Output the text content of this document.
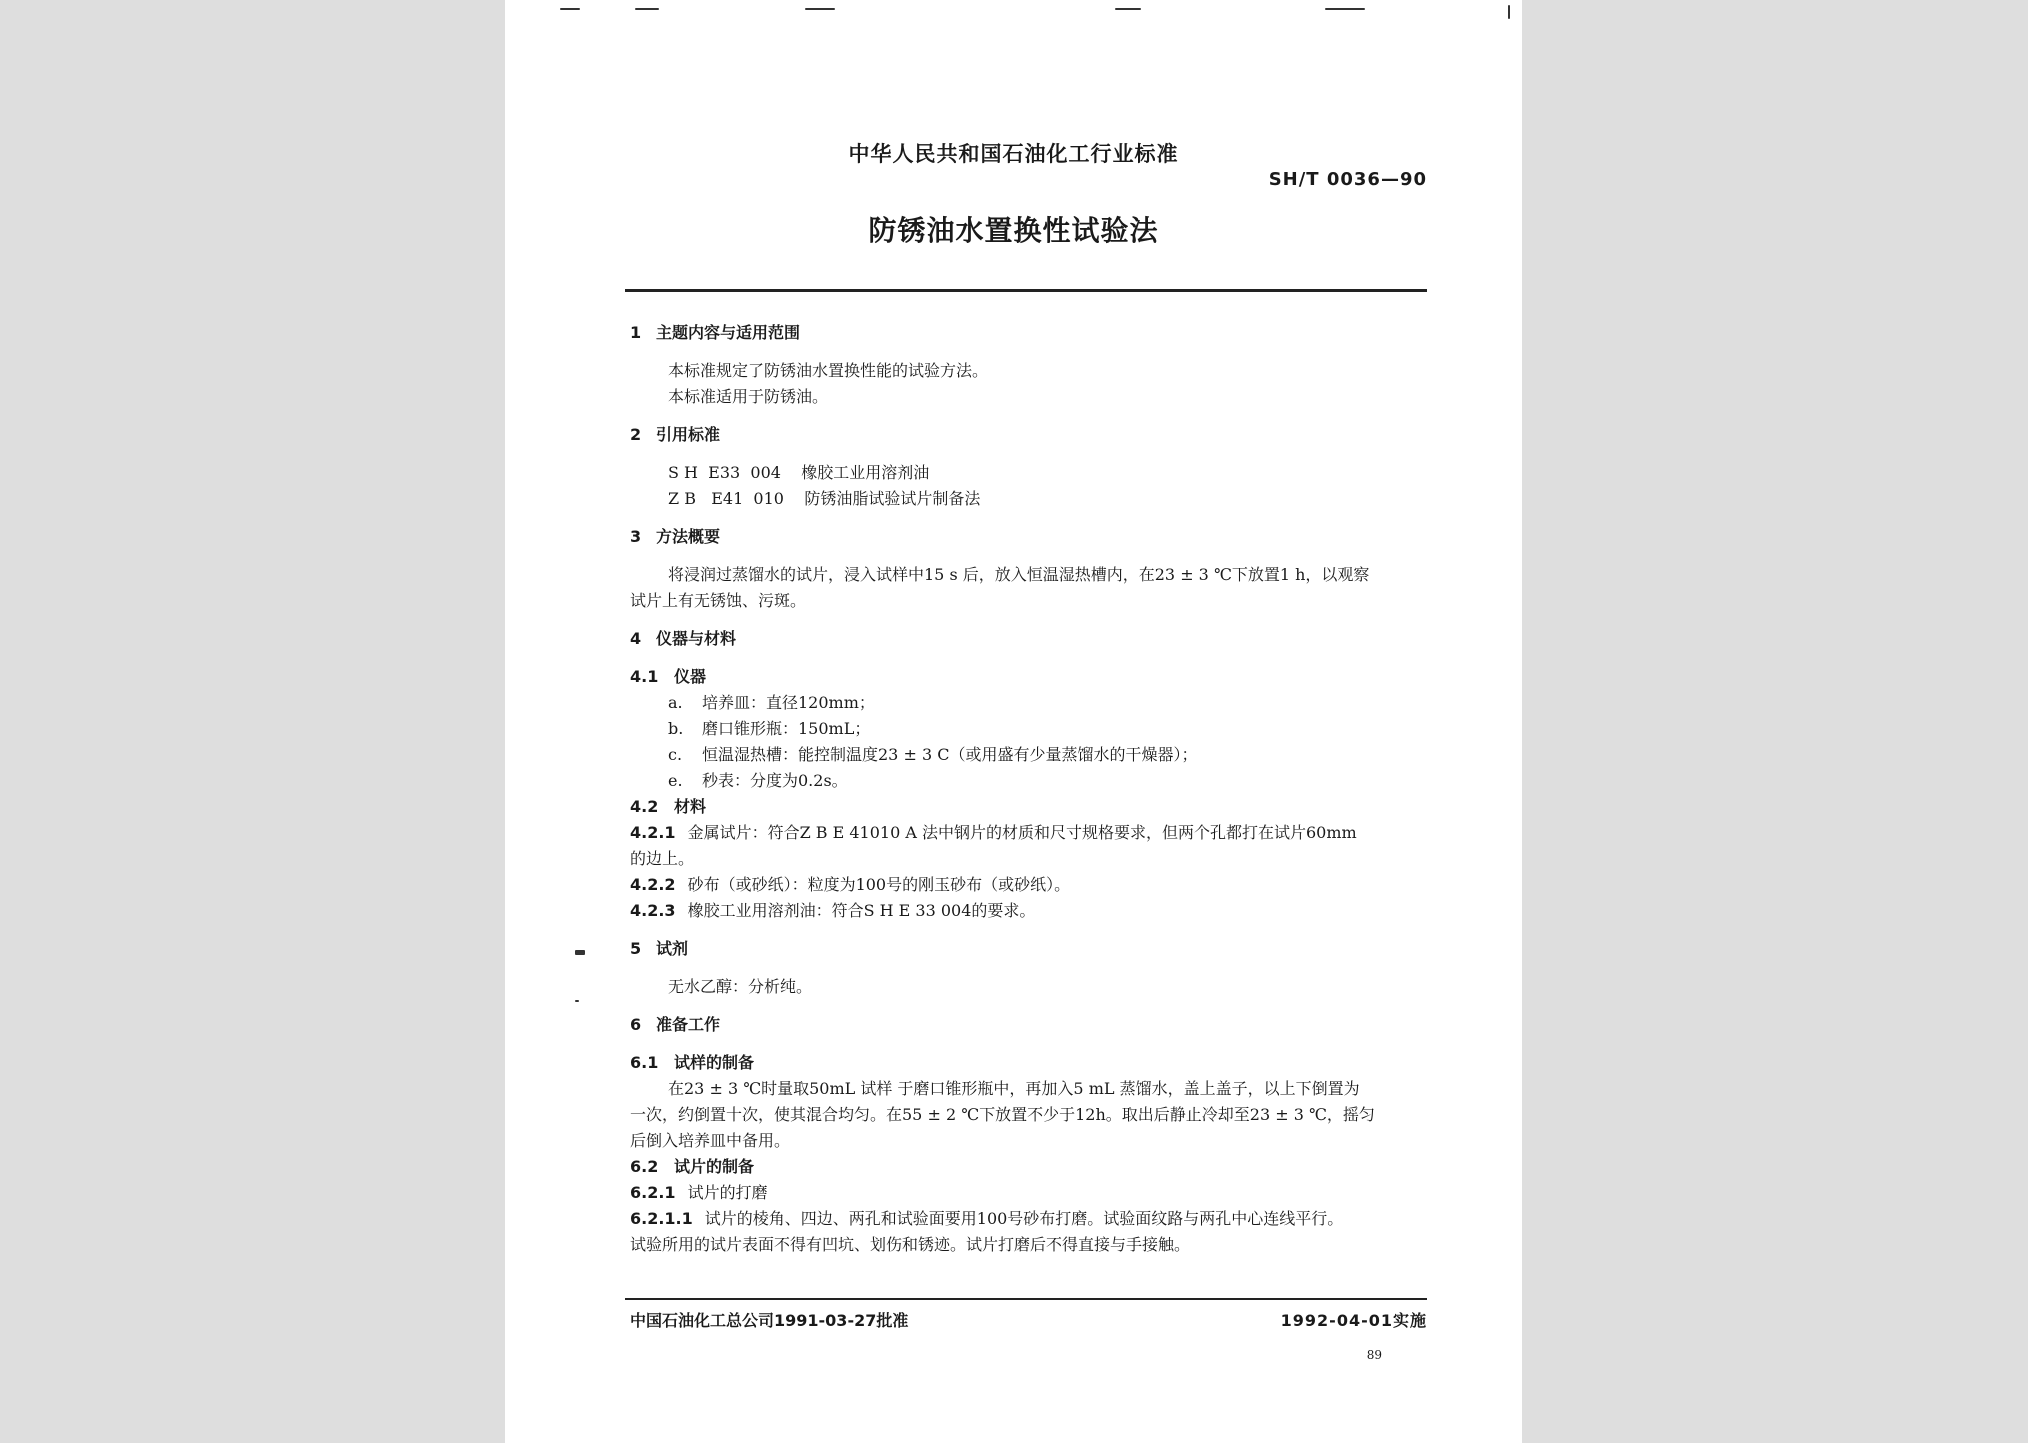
中华人民共和国石油化工行业标准
SH/T 0036—90
防锈油水置换性试验法
1 主题内容与适用范围
本标准规定了防锈油水置换性能的试验方法。
本标准适用于防锈油。
2 引用标准
S H  E33  004    橡胶工业用溶剂油
Z B   E41  010    防锈油脂试验试片制备法
3 方法概要
将浸润过蒸馏水的试片，浸入试样中15 s 后，放入恒温湿热槽内，在23 ± 3 ℃下放置1 h，以观察
试片上有无锈蚀、污斑。
4 仪器与材料
4.1 仪器
a. 培养皿：直径120mm；
b. 磨口锥形瓶：150mL；
c. 恒温湿热槽：能控制温度23 ± 3 C（或用盛有少量蒸馏水的干燥器）；
e. 秒表：分度为0.2s。
4.2 材料
4.2.1 金属试片：符合Z B E 41010 A 法中钢片的材质和尺寸规格要求，但两个孔都打在试片60mm
的边上。
4.2.2 砂布（或砂纸）：粒度为100号的刚玉砂布（或砂纸）。
4.2.3 橡胶工业用溶剂油：符合S H E 33 004的要求。
5 试剂
无水乙醇：分析纯。
6 准备工作
6.1 试样的制备
在23 ± 3 ℃时量取50mL 试样 于磨口锥形瓶中，再加入5 mL 蒸馏水，盖上盖子，以上下倒置为
一次，约倒置十次，使其混合均匀。在55 ± 2 ℃下放置不少于12h。取出后静止冷却至23 ± 3 ℃，摇匀
后倒入培养皿中备用。
6.2 试片的制备
6.2.1 试片的打磨
6.2.1.1 试片的棱角、四边、两孔和试验面要用100号砂布打磨。试验面纹路与两孔中心连线平行。
试验所用的试片表面不得有凹坑、划伤和锈迹。试片打磨后不得直接与手接触。
中国石油化工总公司1991-03-27批准	1992-04-01实施
89
